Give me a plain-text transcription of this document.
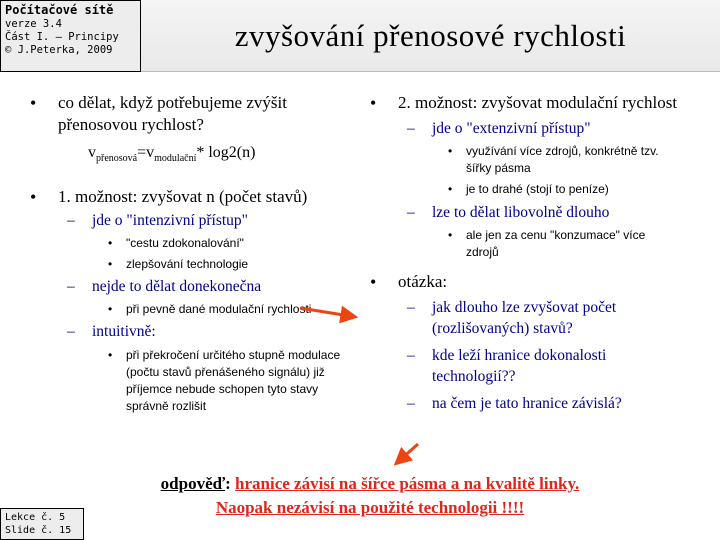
Počítačové sítě
verze 3.4
Část I. – Principy
© J.Peterka, 2009	zvyšování přenosové rychlosti
• co dělat, když potřebujeme zvýšit přenosovou rychlost?
$v_{přenosová}=v_{modulační}*$ log2(n)
• 1. možnost: zvyšovat n (počet stavů)
– jde o "intenzivní přístup"
• "cestu zdokonalování"
• zlepšování technologie
– nejde to dělat donekonečna
• při pevně dané modulační rychlosti
– intuitivně:
• při překročení určitého stupně modulace (počtu stavů přenášeného signálu) již příjemce nebude schopen tyto stavy správně rozlišit
• 2. možnost: zvyšovat modulační rychlost
– jde o "extenzivní přístup"
• využívání více zdrojů, konkrétně tzv. šířky pásma
• je to drahé (stojí to peníze)
– lze to dělat libovolně dlouho
• ale jen za cenu "konzumace" více zdrojů
• otázka:
– jak dlouho lze zvyšovat počet (rozlišovaných) stavů?
– kde leží hranice dokonalosti technologií??
– na čem je tato hranice závislá?
odpověď: hranice závisí na šířce pásma a na kvalitě linky.
Naopak nezávisí na použité technologii !!!!
Lekce č. 5
Slide č. 15
